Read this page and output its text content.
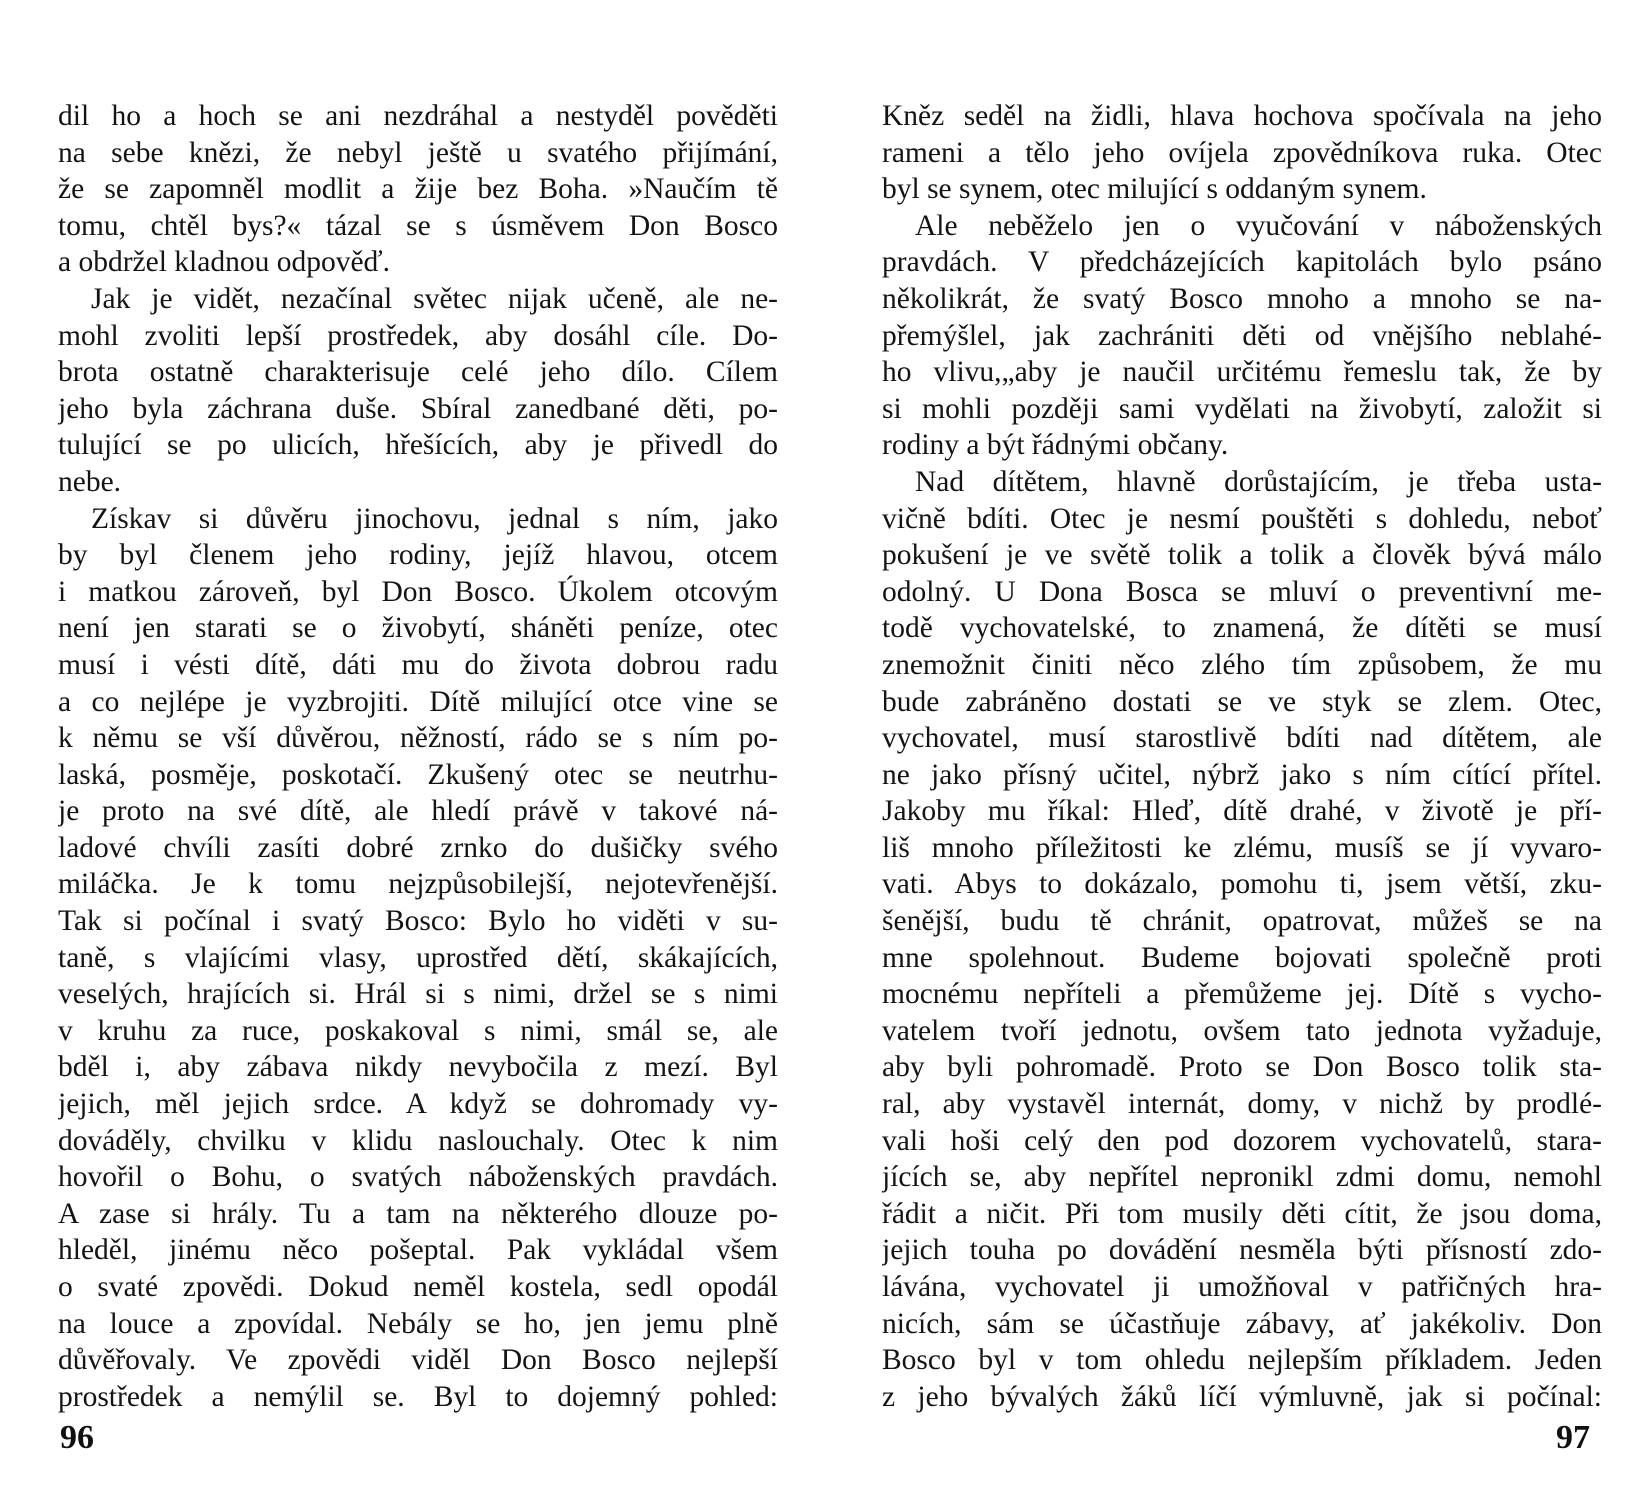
dil ho a hoch se ani nezdráhal a nestyděl pověděti
na sebe knězi, že nebyl ještě u svatého přijímání,
že se zapomněl modlit a žije bez Boha. »Naučím tě
tomu, chtěl bys?« tázal se s úsměvem Don Bosco
a obdržel kladnou odpověď.
Jak je vidět, nezačínal světec nijak učeně, ale ne-
mohl zvoliti lepší prostředek, aby dosáhl cíle. Do-
brota ostatně charakterisuje celé jeho dílo. Cílem
jeho byla záchrana duše. Sbíral zanedbané děti, po-
tulující se po ulicích, hřešících, aby je přivedl do
nebe.
Získav si důvěru jinochovu, jednal s ním, jako
by byl členem jeho rodiny, jejíž hlavou, otcem
i matkou zároveň, byl Don Bosco. Úkolem otcovým
není jen starati se o živobytí, sháněti peníze, otec
musí i vésti dítě, dáti mu do života dobrou radu
a co nejlépe je vyzbrojiti. Dítě milující otce vine se
k němu se vší důvěrou, něžností, rádo se s ním po-
laská, posměje, poskotačí. Zkušený otec se neutrhu-
je proto na své dítě, ale hledí právě v takové ná-
ladové chvíli zasíti dobré zrnko do dušičky svého
miláčka. Je k tomu nejzpůsobilejší, nejotevřenější.
Tak si počínal i svatý Bosco: Bylo ho viděti v su-
taně, s vlajícími vlasy, uprostřed dětí, skákajících,
veselých, hrajících si. Hrál si s nimi, držel se s nimi
v kruhu za ruce, poskakoval s nimi, smál se, ale
bděl i, aby zábava nikdy nevybočila z mezí. Byl
jejich, měl jejich srdce. A když se dohromady vy-
dováděly, chvilku v klidu naslouchaly. Otec k nim
hovořil o Bohu, o svatých náboženských pravdách.
A zase si hrály. Tu a tam na některého dlouze po-
hleděl, jinému něco pošeptal. Pak vykládal všem
o svaté zpovědi. Dokud neměl kostela, sedl opodál
na louce a zpovídal. Nebály se ho, jen jemu plně
důvěřovaly. Ve zpovědi viděl Don Bosco nejlepší
prostředek a nemýlil se. Byl to dojemný pohled:
Kněz seděl na židli, hlava hochova spočívala na jeho
rameni a tělo jeho ovíjela zpovědníkova ruka. Otec
byl se synem, otec milující s oddaným synem.
Ale neběželo jen o vyučování v náboženských
pravdách. V předcházejících kapitolách bylo psáno
několikrát, že svatý Bosco mnoho a mnoho se na-
přemýšlel, jak zachrániti děti od vnějšího neblahé-
ho vlivu,„aby je naučil určitému řemeslu tak, že by
si mohli později sami vydělati na živobytí, založit si
rodiny a být řádnými občany.
Nad dítětem, hlavně dorůstajícím, je třeba usta-
vičně bdíti. Otec je nesmí pouštěti s dohledu, neboť
pokušení je ve světě tolik a tolik a člověk bývá málo
odolný. U Dona Bosca se mluví o preventivní me-
todě vychovatelské, to znamená, že dítěti se musí
znemožnit činiti něco zlého tím způsobem, že mu
bude zabráněno dostati se ve styk se zlem. Otec,
vychovatel, musí starostlivě bdíti nad dítětem, ale
ne jako přísný učitel, nýbrž jako s ním cítící přítel.
Jakoby mu říkal: Hleď, dítě drahé, v životě je pří-
liš mnoho příležitosti ke zlému, musíš se jí vyvaro-
vati. Abys to dokázalo, pomohu ti, jsem větší, zku-
šenější, budu tě chránit, opatrovat, můžeš se na
mne spolehnout. Budeme bojovati společně proti
mocnému nepříteli a přemůžeme jej. Dítě s vycho-
vatelem tvoří jednotu, ovšem tato jednota vyžaduje,
aby byli pohromadě. Proto se Don Bosco tolik sta-
ral, aby vystavěl internát, domy, v nichž by prodlé-
vali hoši celý den pod dozorem vychovatelů, stara-
jících se, aby nepřítel nepronikl zdmi domu, nemohl
řádit a ničit. Při tom musily děti cítit, že jsou doma,
jejich touha po dovádění nesměla býti přísností zdo-
lávána, vychovatel ji umožňoval v patřičných hra-
nicích, sám se účastňuje zábavy, ať jakékoliv. Don
Bosco byl v tom ohledu nejlepším příkladem. Jeden
z jeho bývalých žáků líčí výmluvně, jak si počínal:
96	97
